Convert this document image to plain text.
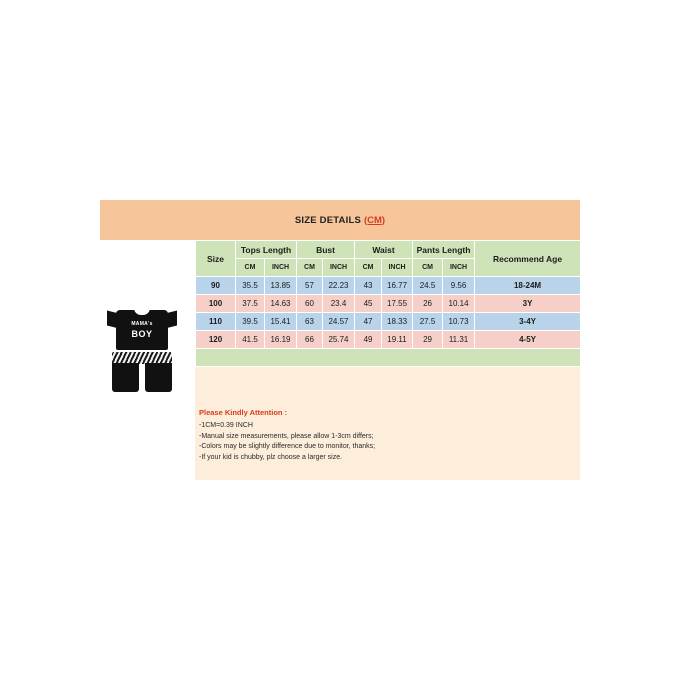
SIZE DETAILS (CM)
MAMA's
BOY
Size	Tops Length		Bust		Waist		Pants Length		Recommend Age
	CM	INCH	CM	INCH	CM	INCH	CM	INCH	
90	35.5	13.85	57	22.23	43	16.77	24.5	9.56	18-24M
100	37.5	14.63	60	23.4	45	17.55	26	10.14	3Y
110	39.5	15.41	63	24.57	47	18.33	27.5	10.73	3-4Y
120	41.5	16.19	66	25.74	49	19.11	29	11.31	4-5Y

Please Kindly Attention :
-1CM=0.39 INCH
-Manual size measurements, please allow 1-3cm differs;
-Colors may be slightly difference due to monitor, thanks;
-If your kid is chubby, plz choose a larger size.
